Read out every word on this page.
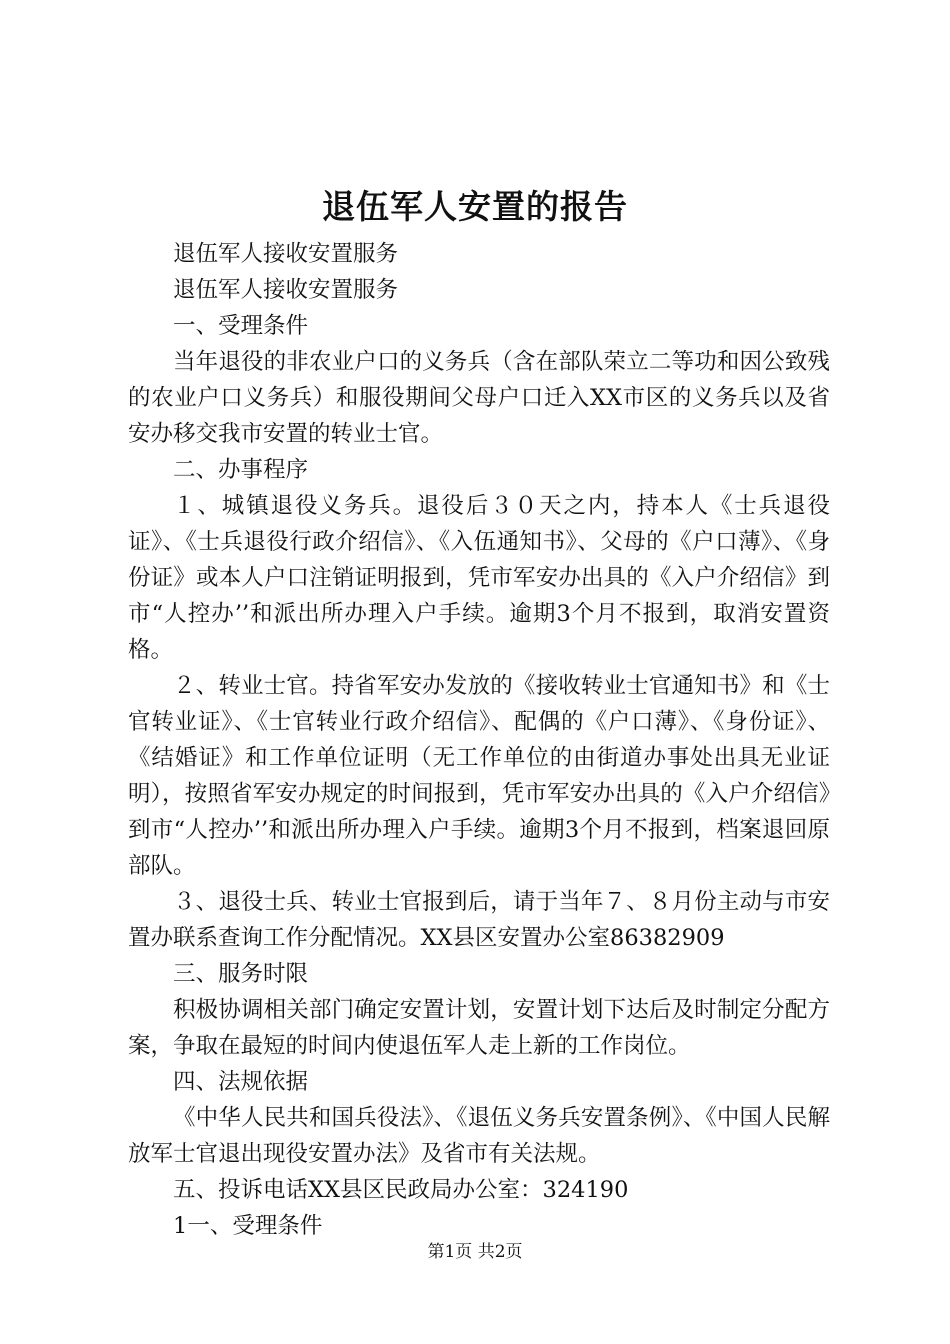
退伍军人安置的报告

退伍军人接收安置服务

退伍军人接收安置服务

一、受理条件

当年退役的非农业户口的义务兵（含在部队荣立二等功和因公致残的农业户口义务兵）和服役期间父母户口迁入XX市区的义务兵以及省安办移交我市安置的转业士官。

二、办事程序

１、城镇退役义务兵。退役后３０天之内，持本人《士兵退役证》、《士兵退役行政介绍信》、《入伍通知书》、父母的《户口薄》、《身份证》或本人户口注销证明报到，凭市军安办出具的《入户介绍信》到市“人控办’’和派出所办理入户手续。逾期3个月不报到，取消安置资格。

２、转业士官。持省军安办发放的《接收转业士官通知书》和《士官转业证》、《士官转业行政介绍信》、配偶的《户口薄》、《身份证》、《结婚证》和工作单位证明（无工作单位的由街道办事处出具无业证明），按照省军安办规定的时间报到，凭市军安办出具的《入户介绍信》到市“人控办’’和派出所办理入户手续。逾期3个月不报到，档案退回原部队。

３、退役士兵、转业士官报到后，请于当年７、８月份主动与市安置办联系查询工作分配情况。XX县区安置办公室86382909

三、服务时限

积极协调相关部门确定安置计划，安置计划下达后及时制定分配方案，争取在最短的时间内使退伍军人走上新的工作岗位。

四、法规依据

《中华人民共和国兵役法》、《退伍义务兵安置条例》、《中国人民解放军士官退出现役安置办法》及省市有关法规。

五、投诉电话XX县区民政局办公室：324190

1一、受理条件

第1页 共2页
